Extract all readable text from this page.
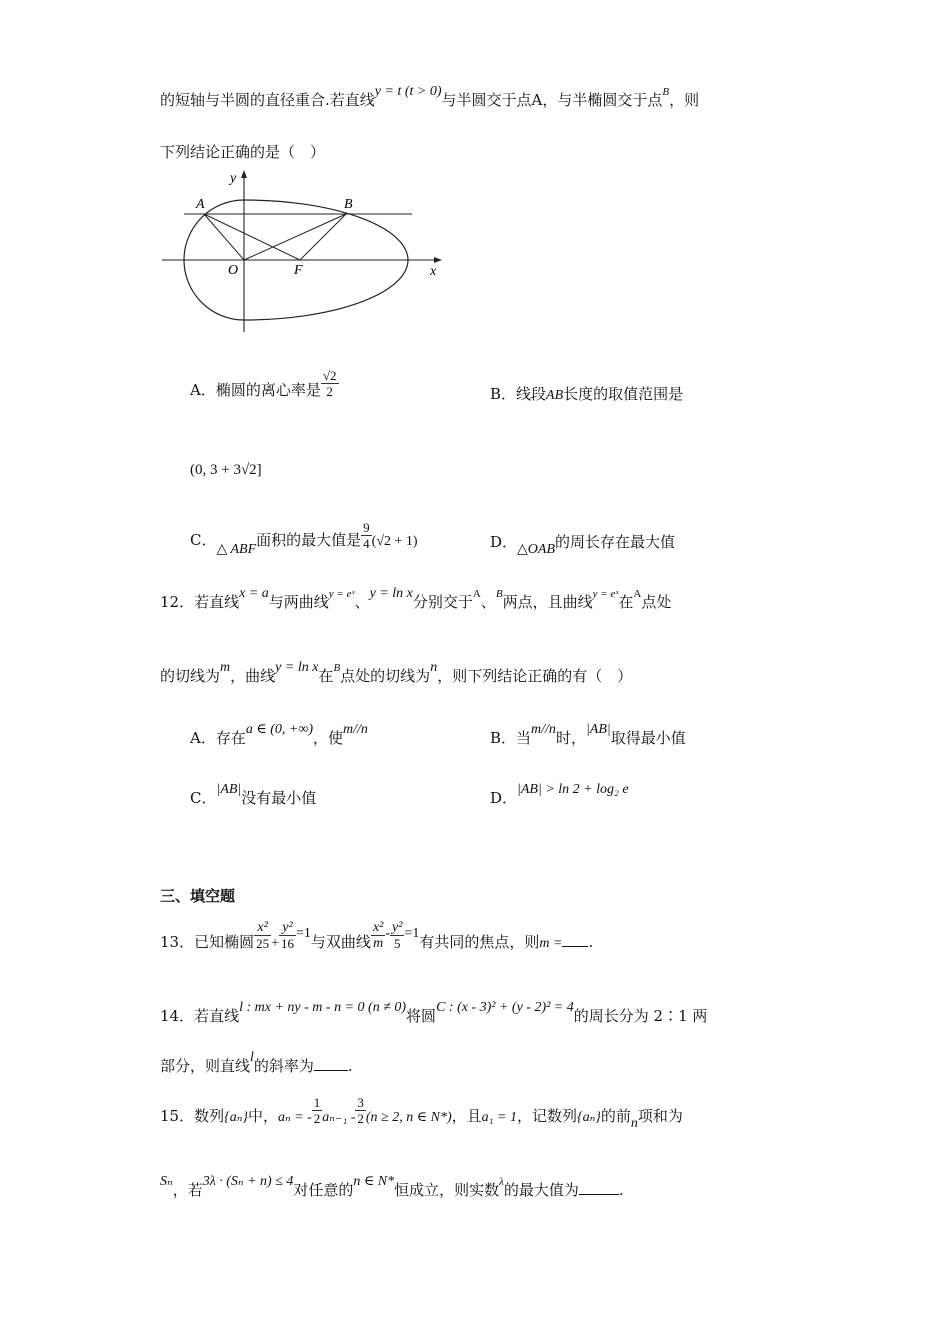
的短轴与半圆的直径重合.若直线y = t (t > 0)与半圆交于点A，与半椭圆交于点$^B$，则
下列结论正确的是（　）
y
x
A	B
O	F
A．椭圆的离心率是 $\frac{√2}{2}$	B．线段AB长度的取值范围是
(0, 3 + 3√2]
C．△ ABF面积的最大值是 $\frac{9}{4} (√2 + 1)$	D．△OAB的周长存在最大值
12．若直线x = a与两曲线$^{y = eˣ}$、y = ln x分别交于$^A$、$^B$两点，且曲线$^{y = eˣ}$在$^A$点处
的切线为m，曲线y = ln x在$^B$点处的切线为n，则下列结论正确的有（　）
A．存在a ∈ (0, +∞)，使m//n	B．当m//n时，|AB|取得最小值
C．|AB|没有最小值	D．|AB| > ln 2 + log₂ e
三、填空题
13．已知椭圆 $\frac{\text{x²}}{25} + \frac{\text{y²}}{16} =1$与双曲线 $\frac{\text{x²}}{m} - \frac{\text{y²}}{5} =1$有共同的焦点，则m = .
14．若直线l : mx + ny - m - n = 0 (n ≠ 0)将圆C : (x - 3)² + (y - 2)² = 4的周长分为 2∶1 两
部分，则直线l的斜率为 .
15．数列{aₙ}中，aₙ = - $\frac{1}{2} a_{n-1} - \frac{3}{2} (n \ge 2$, n ∈ N*)，且a₁ = 1，记数列{aₙ}的前n项和为
Sₙ，若3λ · (Sₙ + n) ≤ 4对任意的n ∈ N*恒成立，则实数$^\lambda$的最大值为	.
